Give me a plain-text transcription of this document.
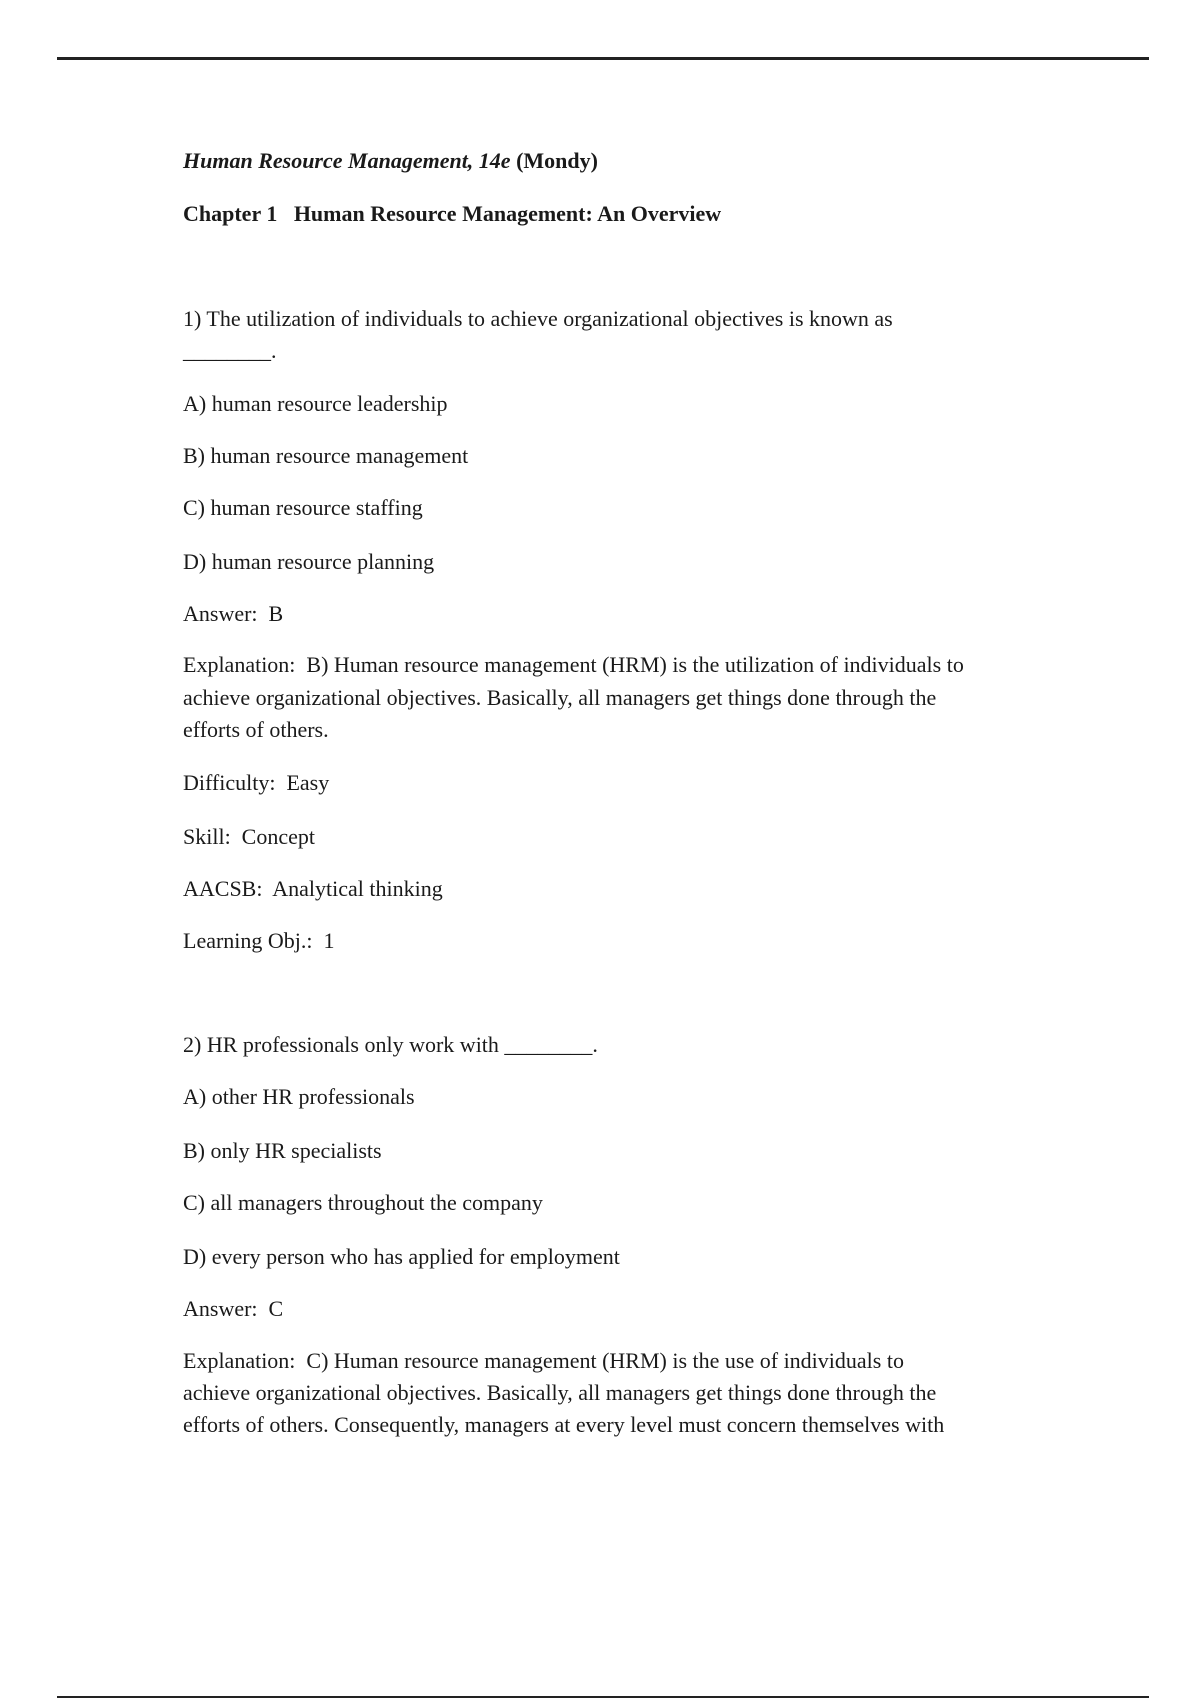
Human Resource Management, 14e (Mondy)
Chapter 1   Human Resource Management: An Overview
1) The utilization of individuals to achieve organizational objectives is known as
________.
A) human resource leadership
B) human resource management
C) human resource staffing
D) human resource planning
Answer:  B
Explanation:  B) Human resource management (HRM) is the utilization of individuals to
achieve organizational objectives. Basically, all managers get things done through the
efforts of others.
Difficulty:  Easy
Skill:  Concept
AACSB:  Analytical thinking
Learning Obj.:  1
2) HR professionals only work with ________.
A) other HR professionals
B) only HR specialists
C) all managers throughout the company
D) every person who has applied for employment
Answer:  C
Explanation:  C) Human resource management (HRM) is the use of individuals to
achieve organizational objectives. Basically, all managers get things done through the
efforts of others. Consequently, managers at every level must concern themselves with
